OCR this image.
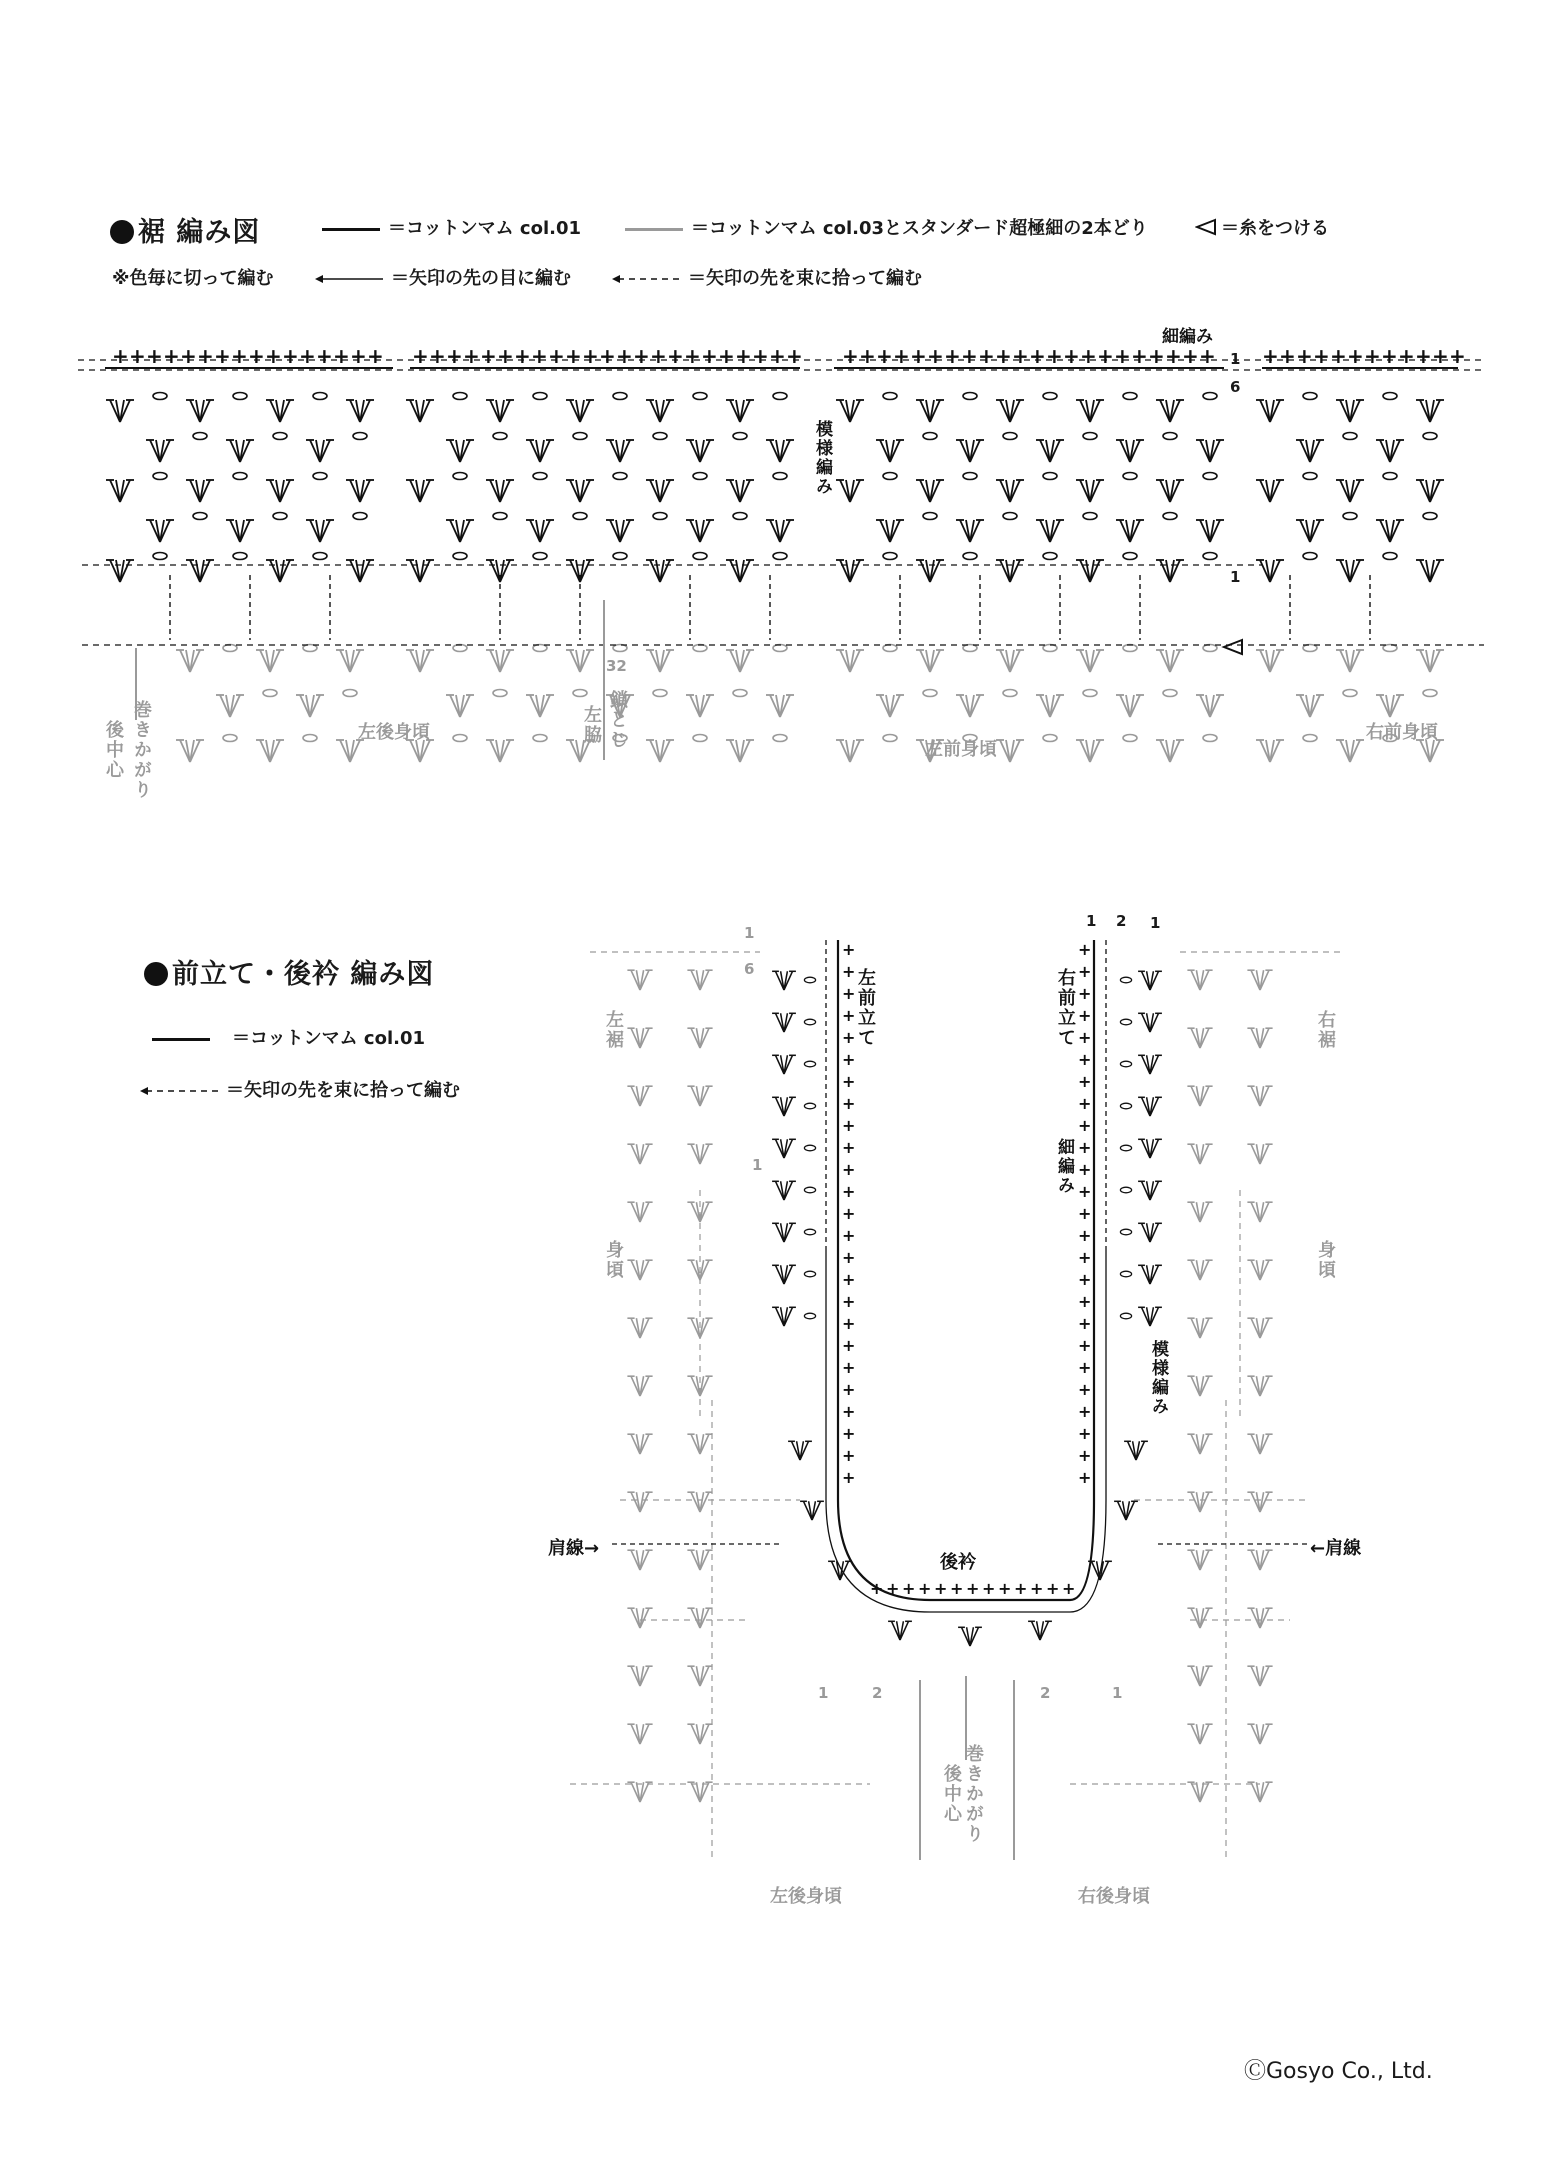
裾 編み図	＝コットンマム col.01	＝コットンマム col.03とスタンダード超極細の2本どり	＝糸をつける
※色毎に切って編む	＝矢印の先の目に編む	＝矢印の先を束に拾って編む
+ + + + + + + + + + + + + + + + + + + + + + + + + + + + + + + + + + + + + + + + + + + + + + + + + + + + + + + + + + + + + + + + + + + + + + + + +
細編み
1
6
1
模様編み
32
巻きかがり
後中心	左脇 鎖とじ
左後身頃
左前身頃
右前身頃
前立て・後衿 編み図
＝コットンマム col.01
＝矢印の先を束に拾って編む
+	+
+	+
+	+
+	+
+	+
+	+
+	+
+	+
+	+
+	+
+	+
+	+
+	+
+	+
+	+
+	+
+	+
+	+
+	+
+	+
+	+
+	+
+	+
+	+
+	+
+ + + + + + + + + + + + +
左前立て	右前立て
細編み
模様編み
左裾	右裾
身頃	身頃
肩線→	←肩線
後衿
巻きかがり
後中心
左後身頃	右後身頃
1 2 1
1
6
1
1	2	2	1
ⒸGosyo Co., Ltd.
